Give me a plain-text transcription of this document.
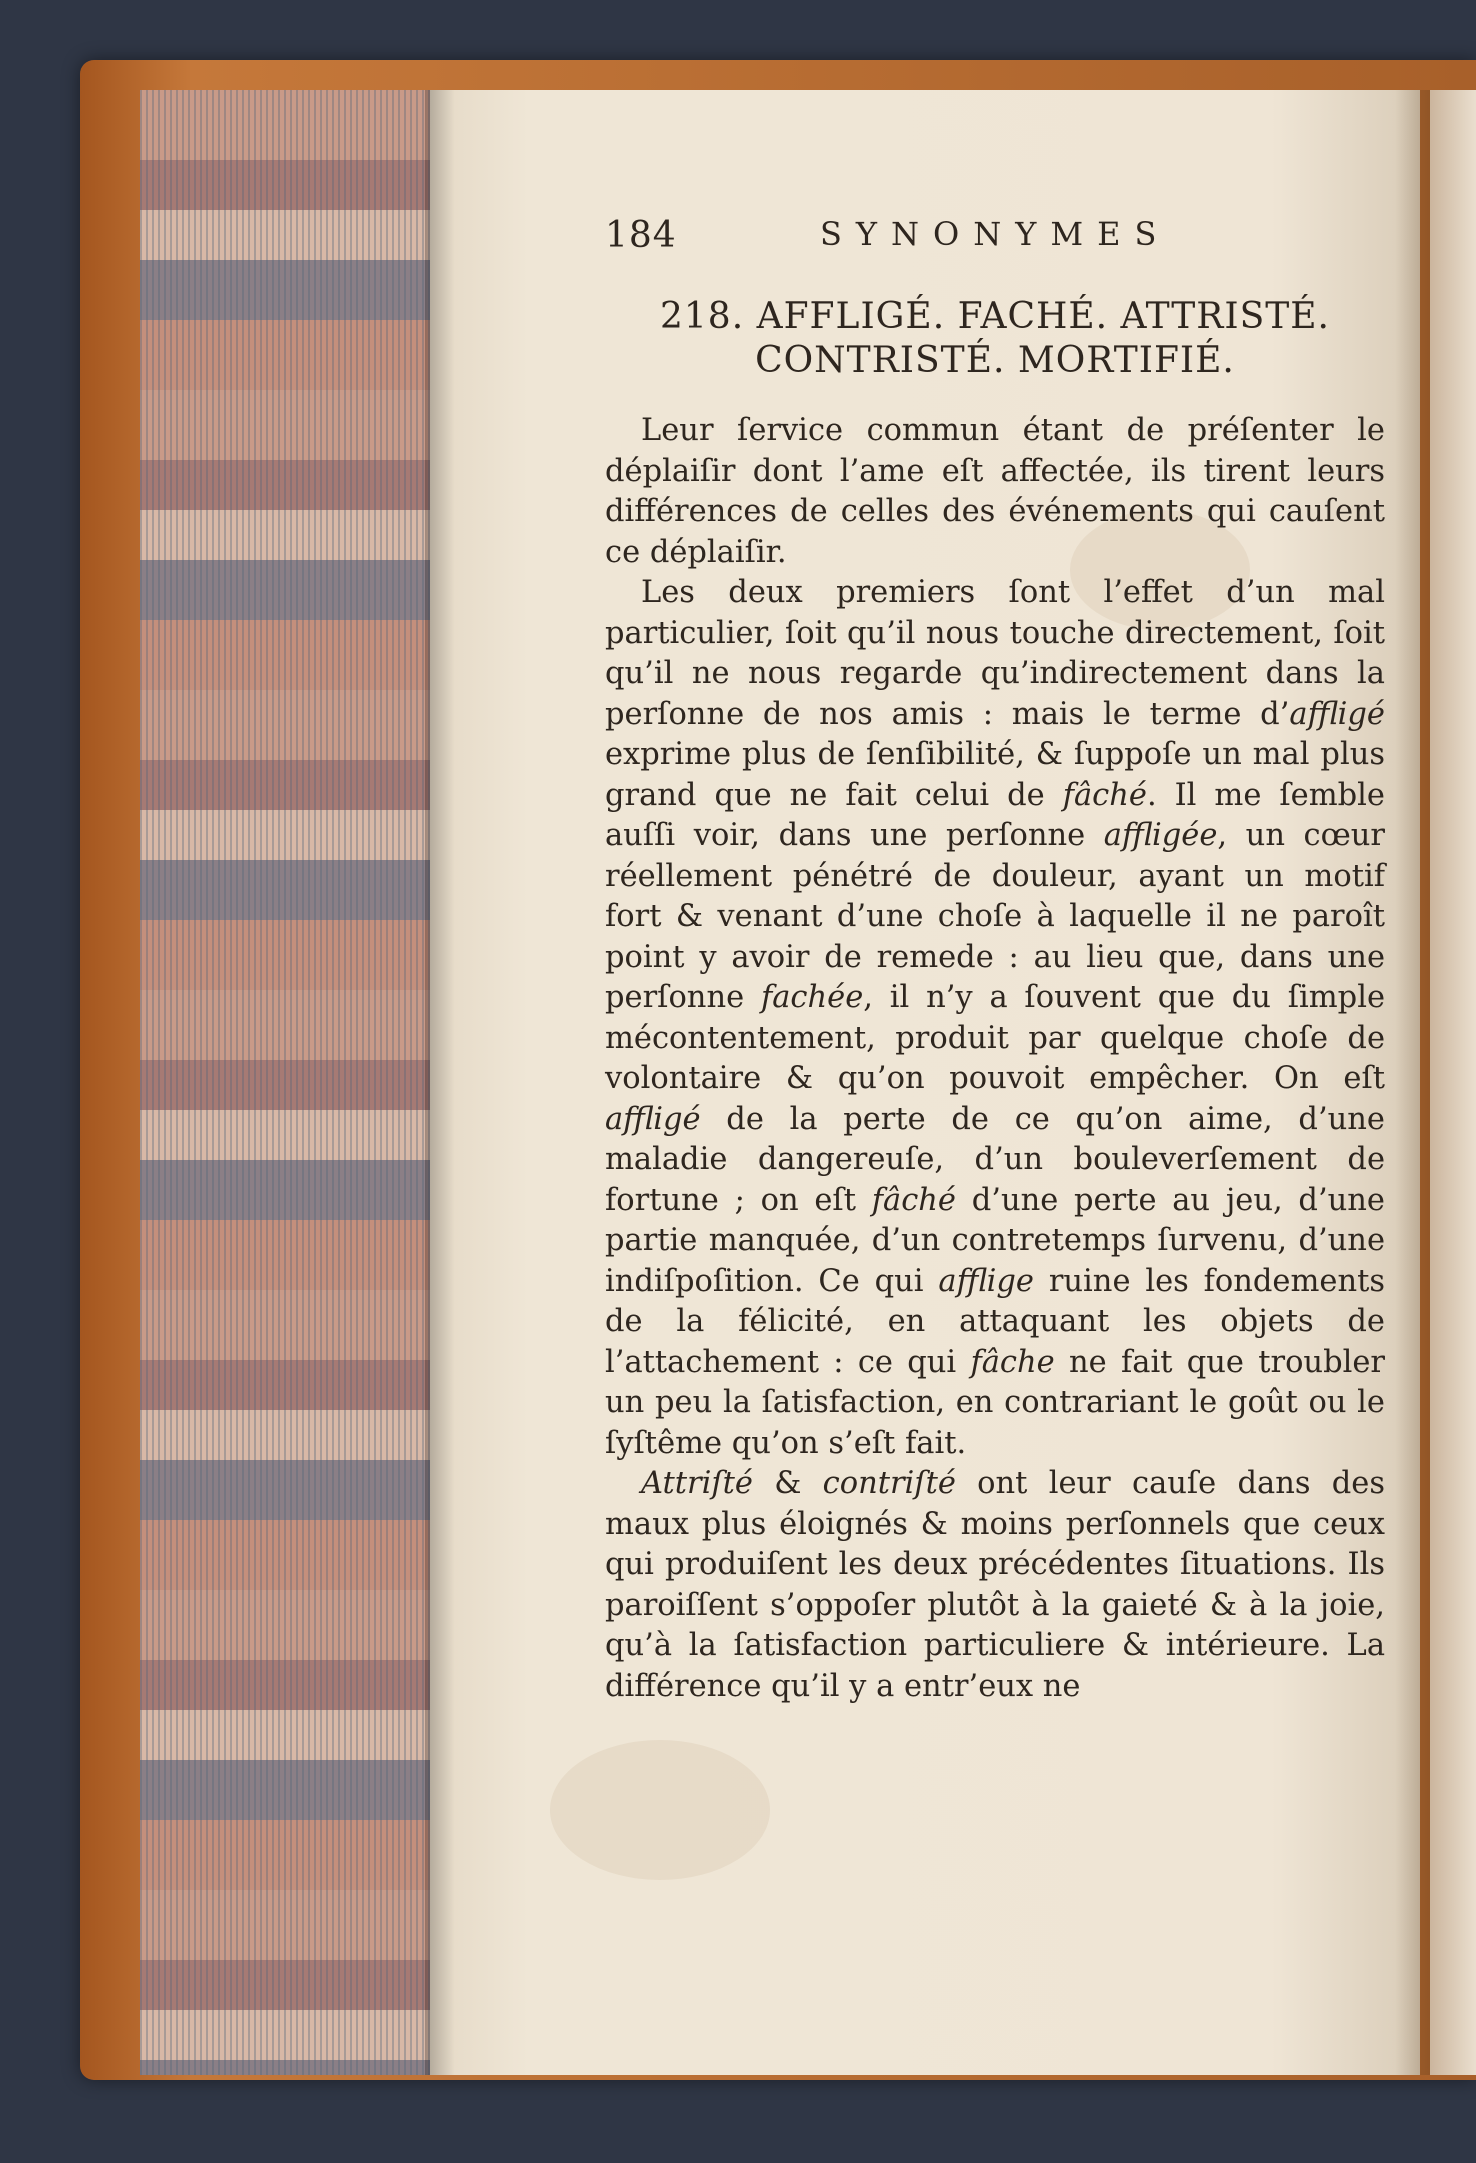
184	SYNONYMES
218. AFFLIGÉ. FACHÉ. ATTRISTÉ.
CONTRISTÉ. MORTIFIÉ.

Leur ſervice commun étant de préſenter le déplaiſir dont l’ame eſt affectée, ils tirent leurs différences de celles des événements qui cauſent ce déplaiſir.

Les deux premiers ſont l’effet d’un mal particulier, ſoit qu’il nous touche directement, ſoit qu’il ne nous regarde qu’indirectement dans la perſonne de nos amis : mais le terme d’affligé exprime plus de ſenſibilité, & ſuppoſe un mal plus grand que ne fait celui de fâché. Il me ſemble auſſi voir, dans une perſonne affligée, un cœur réellement pénétré de douleur, ayant un motif fort & venant d’une choſe à laquelle il ne paroît point y avoir de remede : au lieu que, dans une perſonne fachée, il n’y a ſouvent que du ſimple mécontentement, produit par quelque choſe de volontaire & qu’on pouvoit empêcher. On eſt affligé de la perte de ce qu’on aime, d’une maladie dangereuſe, d’un bouleverſement de fortune ; on eſt fâché d’une perte au jeu, d’une partie manquée, d’un contretemps ſurvenu, d’une indiſpoſition. Ce qui afflige ruine les fondements de la félicité, en attaquant les objets de l’attachement : ce qui fâche ne fait que troubler un peu la ſatisfaction, en contrariant le goût ou le ſyſtême qu’on s’eſt fait.

Attriſté & contriſté ont leur cauſe dans des maux plus éloignés & moins perſonnels que ceux qui produiſent les deux précédentes ſituations. Ils paroiſſent s’oppoſer plutôt à la gaieté & à la joie, qu’à la ſatisfaction particuliere & intérieure. La différence qu’il y a entr’eux ne
